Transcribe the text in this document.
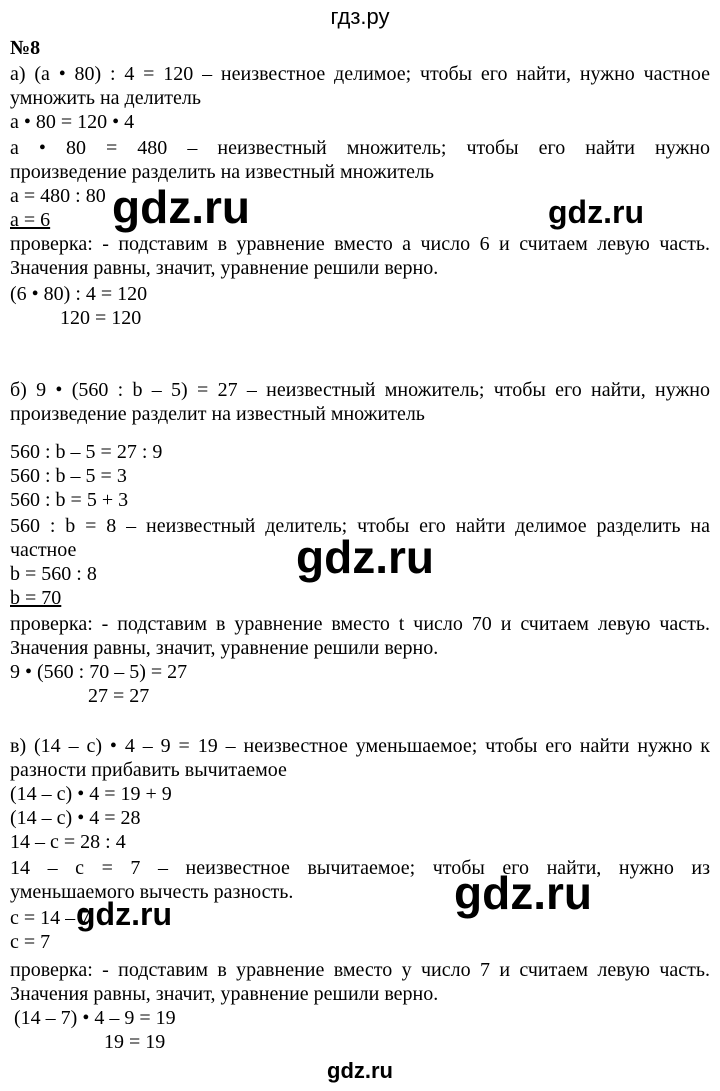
гдз.ру
№8
а) (a • 80) : 4 = 120 – неизвестное делимое; чтобы его найти, нужно частное
умножить на делитель
a • 80 = 120 • 4
a • 80 = 480 – неизвестный множитель; чтобы его найти нужно
произведение разделить на известный множитель
a = 480 : 80
a = 6
проверка: - подставим в уравнение вместо a число 6 и считаем левую часть.
Значения равны, значит, уравнение решили верно.
(6 • 80) : 4 = 120
120 = 120
б) 9 • (560 : b – 5) = 27 – неизвестный множитель; чтобы его найти, нужно
произведение разделит на известный множитель
560 : b – 5 = 27 : 9
560 : b – 5 = 3
560 : b = 5 + 3
560 : b = 8 – неизвестный делитель; чтобы его найти делимое разделить на
частное
b = 560 : 8
b = 70
проверка: - подставим в уравнение вместо t число 70 и считаем левую часть.
Значения равны, значит, уравнение решили верно.
9 • (560 : 70 – 5) = 27
27 = 27
в) (14 – c) • 4 – 9 = 19 – неизвестное уменьшаемое; чтобы его найти нужно к
разности прибавить вычитаемое
(14 – c) • 4 = 19 + 9
(14 – c) • 4 = 28
14 – c = 28 : 4
14 – c = 7 – неизвестное вычитаемое; чтобы его найти, нужно из
уменьшаемого вычесть разность.
c = 14 – 7
c = 7
проверка: - подставим в уравнение вместо y число 7 и считаем левую часть.
Значения равны, значит, уравнение решили верно.
(14 – 7) • 4 – 9 = 19
19 = 19
gdz.ru	gdz.ru
gdz.ru
gdz.ru
gdz.ru
gdz.ru
